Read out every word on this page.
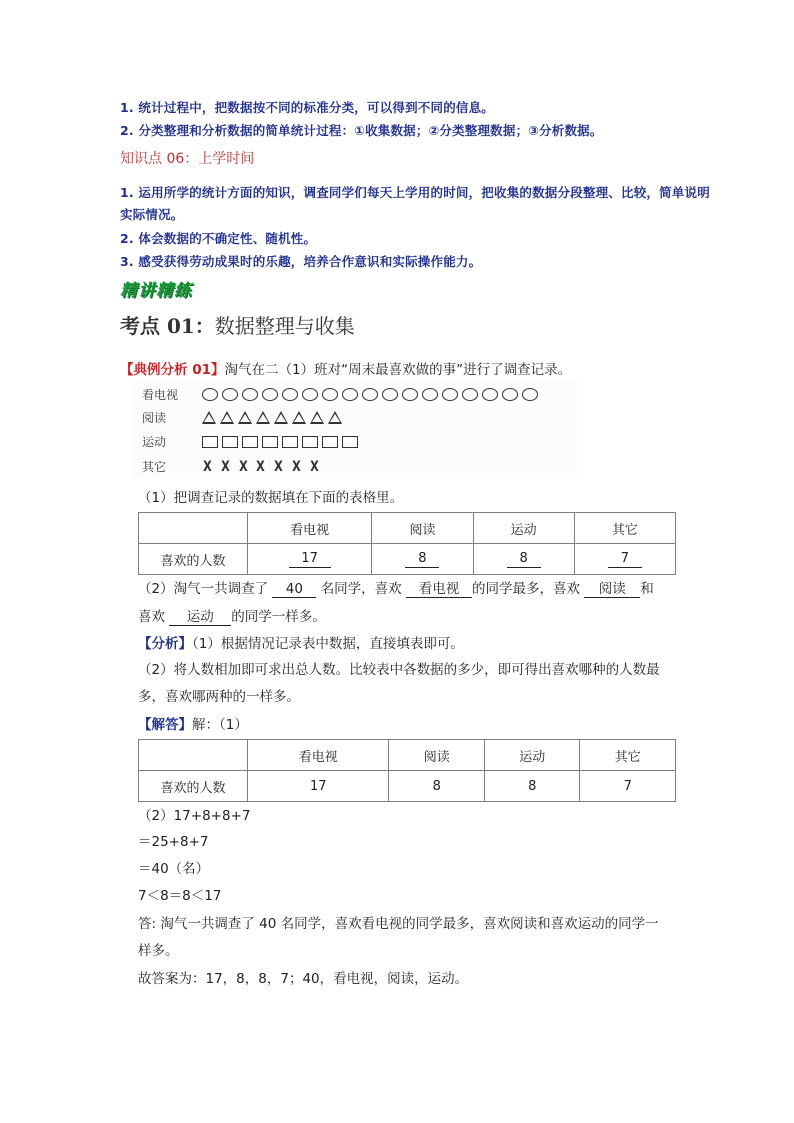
1. 统计过程中，把数据按不同的标准分类，可以得到不同的信息。
2. 分类整理和分析数据的简单统计过程：①收集数据；②分类整理数据；③分析数据。
知识点 06：上学时间
1. 运用所学的统计方面的知识，调查同学们每天上学用的时间，把收集的数据分段整理、比较，简单说明
实际情况。
2. 体会数据的不确定性、随机性。
3. 感受获得劳动成果时的乐趣，培养合作意识和实际操作能力。
精讲精练
考点 01：数据整理与收集
【典例分析 01】淘气在二（1）班对“周末最喜欢做的事”进行了调查记录。
看电视
阅读
运动
其它	X X X X X X X
（1）把调查记录的数据填在下面的表格里。
	看电视	阅读	运动	其它
喜欢的人数	17	8	8	7
（2）淘气一共调查了 40 名同学，喜欢 看电视 的同学最多，喜欢 阅读 和
喜欢 运动 的同学一样多。
【分析】（1）根据情况记录表中数据，直接填表即可。
（2）将人数相加即可求出总人数。比较表中各数据的多少，即可得出喜欢哪种的人数最
多，喜欢哪两种的一样多。
【解答】解：（1）
	看电视	阅读	运动	其它
喜欢的人数	17	8	8	7
（2）17+8+8+7
＝25+8+7
＝40（名）
7＜8＝8＜17
答: 淘气一共调查了 40 名同学，喜欢看电视的同学最多，喜欢阅读和喜欢运动的同学一
样多。
故答案为：17，8，8，7；40，看电视，阅读，运动。
